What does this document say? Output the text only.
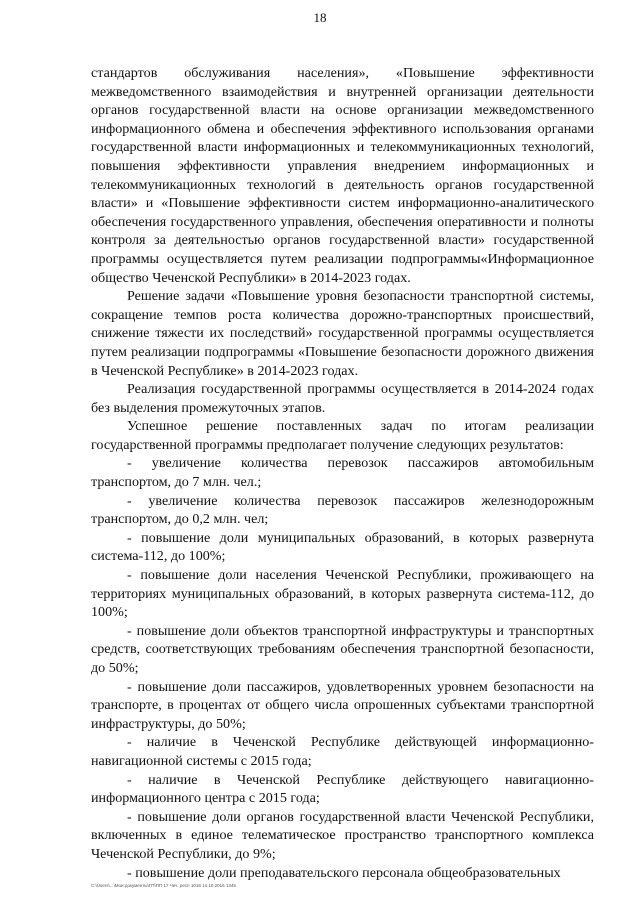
18

стандартов обслуживания населения», «Повышение эффективности межведомственного взаимодействия и внутренней организации деятельности органов государственной власти на основе организации межведомственного информационного обмена и обеспечения эффективного использования органами государственной власти информационных и телекоммуникационных технологий, повышения эффективности управления внедрением информационных и телекоммуникационных технологий в деятельность органов государственной власти» и «Повышение эффективности систем информационно-аналитического обеспечения государственного управления, обеспечения оперативности и полноты контроля за деятельностью органов государственной власти» государственной программы осуществляется путем реализации подпрограммы«Информационное общество Чеченской Республики» в 2014-2023 годах.

Решение задачи «Повышение уровня безопасности транспортной системы, сокращение темпов роста количества дорожно-транспортных происшествий, снижение тяжести их последствий» государственной программы осуществляется путем реализации подпрограммы «Повышение безопасности дорожного движения в Чеченской Республике» в 2014-2023 годах.

Реализация государственной программы осуществляется в 2014-2024 годах без выделения промежуточных этапов.

Успешное решение поставленных задач по итогам реализации государственной программы предполагает получение следующих результатов:

- увеличение количества перевозок пассажиров автомобильным транспортом, до 7 млн. чел.;

- увеличение количества перевозок пассажиров железнодорожным транспортом, до 0,2 млн. чел;

- повышение доли муниципальных образований, в которых развернута система-112, до 100%;

- повышение доли населения Чеченской Республики, проживающего на территориях муниципальных образований, в которых развернута система-112, до 100%;

- повышение доли объектов транспортной инфраструктуры и транспортных средств, соответствующих требованиям обеспечения транспортной безопасности, до 50%;

- повышение доли пассажиров, удовлетворенных уровнем безопасности на транспорте, в процентах от общего числа опрошенных субъектами транспортной инфраструктуры, до 50%;

- наличие в Чеченской Республике действующей информационно-навигационной системы с 2015 года;

- наличие в Чеченской Республике действующего навигационно-информационного центра с 2015 года;

- повышение доли органов государственной власти Чеченской Республики, включенных в единое телематическое пространство транспортного комплекса Чеченской Республики, до 9%;

- повышение доли преподавательского персонала общеобразовательных

С:\Users\...\Мои документы\ГП\ПП 17 Чеч. респ 1018 14.10.2016 1345
